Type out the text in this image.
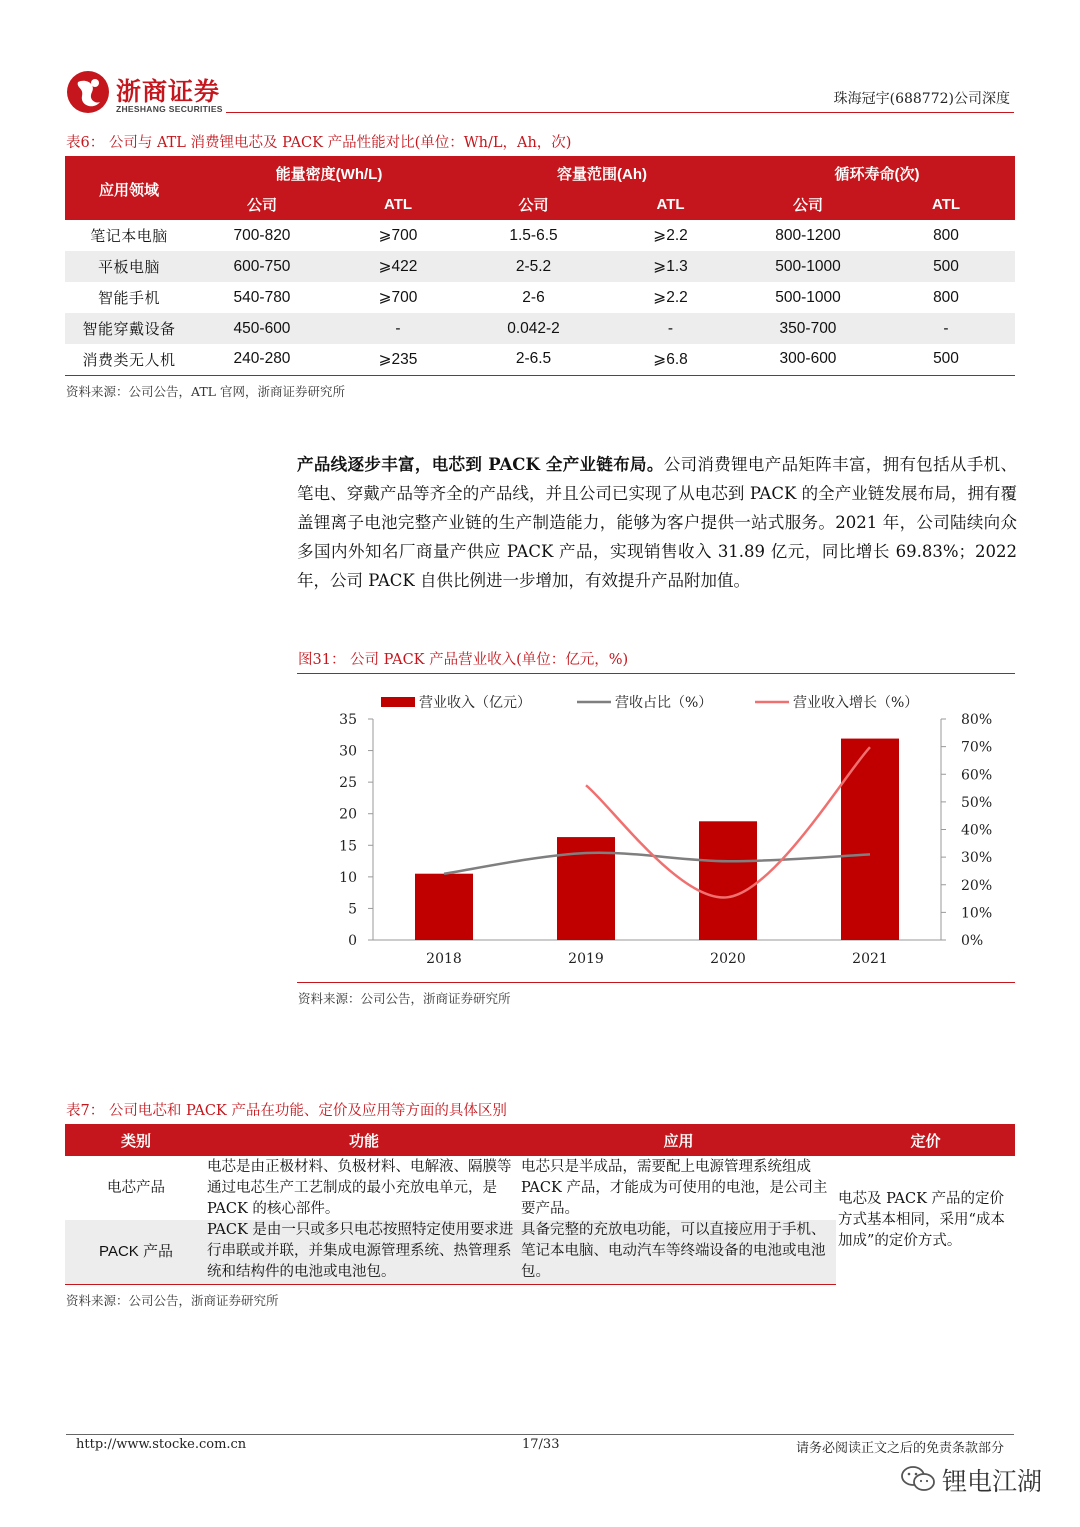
浙商证券
ZHESHANG SECURITIES
珠海冠宇(688772)公司深度
表6： 公司与 ATL 消费锂电芯及 PACK 产品性能对比(单位：Wh/L，Ah，次)
应用领域	能量密度(Wh/L)		容量范围(Ah)		循环寿命(次)	
	公司	ATL	公司	ATL	公司	ATL
笔记本电脑	700-820	⩾700	1.5-6.5	⩾2.2	800-1200	800
平板电脑	600-750	⩾422	2-5.2	⩾1.3	500-1000	500
智能手机	540-780	⩾700	2-6	⩾2.2	500-1000	800
智能穿戴设备	450-600	-	0.042-2	-	350-700	-
消费类无人机	240-280	⩾235	2-6.5	⩾6.8	300-600	500
资料来源：公司公告，ATL 官网，浙商证券研究所
产品线逐步丰富，电芯到 PACK 全产业链布局。公司消费锂电产品矩阵丰富，拥有包括从手机、笔电、穿戴产品等齐全的产品线，并且公司已实现了从电芯到 PACK 的全产业链发展布局，拥有覆盖锂离子电池完整产业链的生产制造能力，能够为客户提供一站式服务。2021 年，公司陆续向众多国内外知名厂商量产供应 PACK 产品，实现销售收入 31.89 亿元，同比增长 69.83%；2022 年，公司 PACK 自供比例进一步增加，有效提升产品附加值。
图31： 公司 PACK 产品营业收入(单位：亿元，%)
0
5
10
15
20
25
30
35
0%
10%
20%
30%
40%
50%
60%
70%
80%
2018	2019	2020	2021
营业收入（亿元）	营收占比（%）	营业收入增长（%）
资料来源：公司公告，浙商证券研究所
表7： 公司电芯和 PACK 产品在功能、定价及应用等方面的具体区别
类别	功能	应用	定价
电芯产品	电芯是由正极材料、负极材料、电解液、隔膜等通过电芯生产工艺制成的最小充放电单元，是 PACK 的核心部件。	电芯只是半成品，需要配上电源管理系统组成 PACK 产品，才能成为可使用的电池，是公司主要产品。	电芯及 PACK 产品的定价方式基本相同，采用“成本加成”的定价方式。
PACK 产品	PACK 是由一只或多只电芯按照特定使用要求进行串联或并联，并集成电源管理系统、热管理系统和结构件的电池或电池包。	具备完整的充放电功能，可以直接应用于手机、笔记本电脑、电动汽车等终端设备的电池或电池包。	
资料来源：公司公告，浙商证券研究所
http://www.stocke.com.cn	17/33	请务必阅读正文之后的免责条款部分
锂电江湖
